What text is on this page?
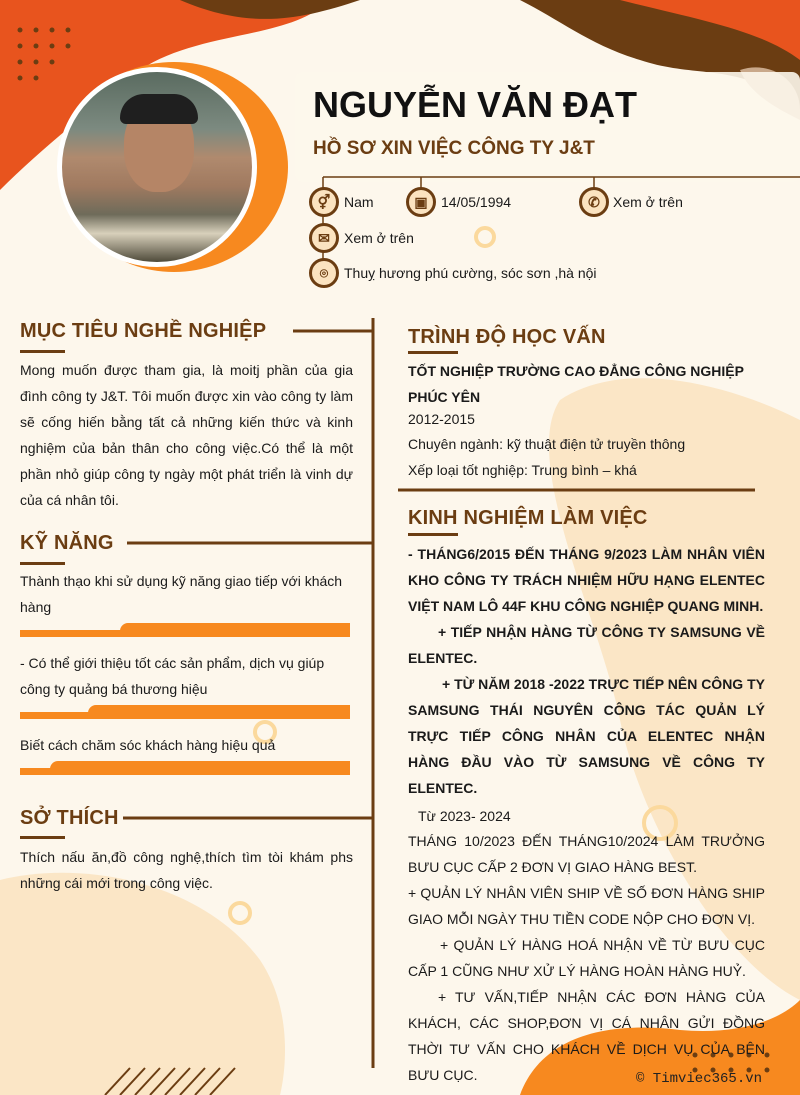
NGUYỄN VĂN ĐẠT
HỒ SƠ XIN VIỆC CÔNG TY J&T
⚥ Nam	▣ 14/05/1994	✆ Xem ở trên
✉	Xem ở trên
⌾	Thuỵ hương phú cường, sóc sơn ,hà nội
MỤC TIÊU NGHỀ NGHIỆP
Mong muốn được tham gia, là moitj phần của gia đình công ty J&T. Tôi muốn được xin vào công ty làm sẽ cống hiến bằng tất cả những kiến thức và kinh nghiệm của bản thân cho công việc.Có thể là một phần nhỏ giúp công ty ngày một phát triển là vinh dự của cá nhân tôi.
KỸ NĂNG
Thành thạo khi sử dụng kỹ năng giao tiếp với khách hàng
- Có thể giới thiệu tốt các sản phẩm, dịch vụ giúp công ty quảng bá thương hiệu
Biết cách chăm sóc khách hàng hiệu quả
SỞ THÍCH
Thích nấu ăn,đồ công nghệ,thích tìm tòi khám phs những cái mới trong công việc.
TRÌNH ĐỘ HỌC VẤN
TỐT NGHIỆP TRƯỜNG CAO ĐẲNG CÔNG NGHIỆP PHÚC YÊN
2012-2015
Chuyên ngành: kỹ thuật điện tử truyền thông
Xếp loại tốt nghiệp: Trung bình – khá
KINH NGHIỆM LÀM VIỆC
- THÁNG6/2015 ĐẾN THÁNG 9/2023 LÀM NHÂN VIÊN KHO CÔNG TY TRÁCH NHIỆM HỮU HẠNG ELENTEC VIỆT NAM LÔ 44F KHU CÔNG NGHIỆP QUANG MINH.
+ TIẾP NHẬN HÀNG TỪ CÔNG TY SAMSUNG VỀ ELENTEC.
+ TỪ NĂM 2018 -2022 TRỰC TIẾP NÊN CÔNG TY SAMSUNG THÁI NGUYÊN CÔNG TÁC QUẢN LÝ TRỰC TIẾP CÔNG NHÂN CỦA ELENTEC NHẬN HÀNG ĐẦU VÀO TỪ SAMSUNG VỀ CÔNG TY ELENTEC.
Từ 2023- 2024
THÁNG 10/2023 ĐẾN THÁNG10/2024 LÀM TRƯỞNG BƯU CỤC CẤP 2 ĐƠN VỊ GIAO HÀNG BEST.
+ QUẢN LÝ NHÂN VIÊN SHIP VỀ SỐ ĐƠN HÀNG SHIP GIAO MỖI NGÀY THU TIỀN CODE NỘP CHO ĐƠN VỊ.
+ QUẢN LÝ HÀNG HOÁ NHẬN VỀ TỪ BƯU CỤC CẤP 1 CŨNG NHƯ XỬ LÝ HÀNG HOÀN HÀNG HUỶ.
+ TƯ VẤN,TIẾP NHẬN CÁC ĐƠN HÀNG CỦA KHÁCH, CÁC SHOP,ĐƠN VỊ CÁ NHÂN GỬI ĐỒNG THỜI TƯ VẤN CHO KHÁCH VỀ DỊCH VỤ CỦA BÊN BƯU CỤC.	© Timviec365.vn
